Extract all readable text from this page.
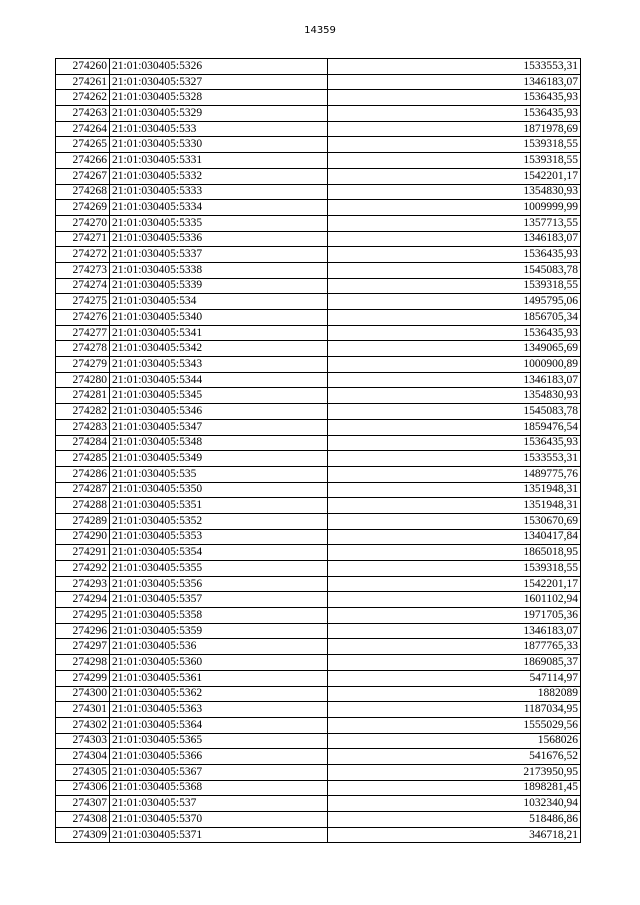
14359
274260	21:01:030405:5326	1533553,31
274261	21:01:030405:5327	1346183,07
274262	21:01:030405:5328	1536435,93
274263	21:01:030405:5329	1536435,93
274264	21:01:030405:533	1871978,69
274265	21:01:030405:5330	1539318,55
274266	21:01:030405:5331	1539318,55
274267	21:01:030405:5332	1542201,17
274268	21:01:030405:5333	1354830,93
274269	21:01:030405:5334	1009999,99
274270	21:01:030405:5335	1357713,55
274271	21:01:030405:5336	1346183,07
274272	21:01:030405:5337	1536435,93
274273	21:01:030405:5338	1545083,78
274274	21:01:030405:5339	1539318,55
274275	21:01:030405:534	1495795,06
274276	21:01:030405:5340	1856705,34
274277	21:01:030405:5341	1536435,93
274278	21:01:030405:5342	1349065,69
274279	21:01:030405:5343	1000900,89
274280	21:01:030405:5344	1346183,07
274281	21:01:030405:5345	1354830,93
274282	21:01:030405:5346	1545083,78
274283	21:01:030405:5347	1859476,54
274284	21:01:030405:5348	1536435,93
274285	21:01:030405:5349	1533553,31
274286	21:01:030405:535	1489775,76
274287	21:01:030405:5350	1351948,31
274288	21:01:030405:5351	1351948,31
274289	21:01:030405:5352	1530670,69
274290	21:01:030405:5353	1340417,84
274291	21:01:030405:5354	1865018,95
274292	21:01:030405:5355	1539318,55
274293	21:01:030405:5356	1542201,17
274294	21:01:030405:5357	1601102,94
274295	21:01:030405:5358	1971705,36
274296	21:01:030405:5359	1346183,07
274297	21:01:030405:536	1877765,33
274298	21:01:030405:5360	1869085,37
274299	21:01:030405:5361	547114,97
274300	21:01:030405:5362	1882089
274301	21:01:030405:5363	1187034,95
274302	21:01:030405:5364	1555029,56
274303	21:01:030405:5365	1568026
274304	21:01:030405:5366	541676,52
274305	21:01:030405:5367	2173950,95
274306	21:01:030405:5368	1898281,45
274307	21:01:030405:537	1032340,94
274308	21:01:030405:5370	518486,86
274309	21:01:030405:5371	346718,21
